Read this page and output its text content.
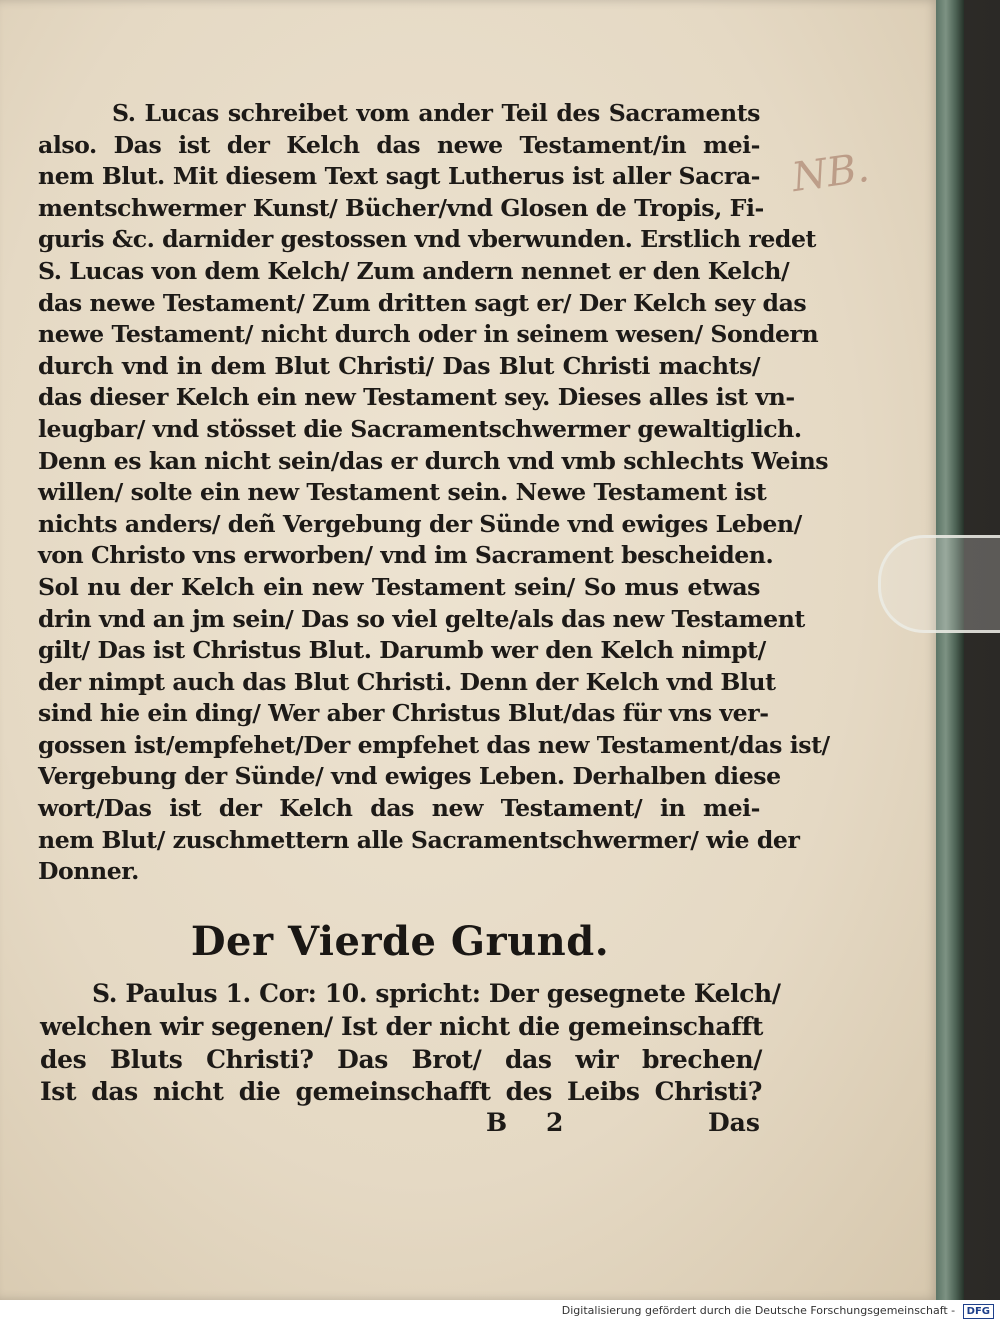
NB.
S. Lucas schreibet vom ander Teil des Sacraments
also. Das ist der Kelch das newe Testament/in mei-
nem Blut. Mit diesem Text sagt Lutherus ist aller Sacra-
mentschwermer Kunst/ Bücher/vnd Glosen de Tropis, Fi-
guris &c. darnider gestossen vnd vberwunden. Erstlich redet
S. Lucas von dem Kelch/ Zum andern nennet er den Kelch/
das newe Testament/ Zum dritten sagt er/ Der Kelch sey das
newe Testament/ nicht durch oder in seinem wesen/ Sondern
durch vnd in dem Blut Christi/ Das Blut Christi machts/
das dieser Kelch ein new Testament sey. Dieses alles ist vn-
leugbar/ vnd stösset die Sacramentschwermer gewaltiglich.
Denn es kan nicht sein/das er durch vnd vmb schlechts Weins
willen/ solte ein new Testament sein. Newe Testament ist
nichts anders/ deñ Vergebung der Sünde vnd ewiges Leben/
von Christo vns erworben/ vnd im Sacrament bescheiden.
Sol nu der Kelch ein new Testament sein/ So mus etwas
drin vnd an jm sein/ Das so viel gelte/als das new Testament
gilt/ Das ist Christus Blut. Darumb wer den Kelch nimpt/
der nimpt auch das Blut Christi. Denn der Kelch vnd Blut
sind hie ein ding/ Wer aber Christus Blut/das für vns ver-
gossen ist/empfehet/Der empfehet das new Testament/das ist/
Vergebung der Sünde/ vnd ewiges Leben. Derhalben diese
wort/Das ist der Kelch das new Testament/ in mei-
nem Blut/ zuschmettern alle Sacramentschwermer/ wie der
Donner.
Der Vierde Grund.
S. Paulus 1. Cor: 10. spricht: Der gesegnete Kelch/
welchen wir segenen/ Ist der nicht die gemeinschafft
des Bluts Christi? Das Brot/ das wir brechen/
Ist das nicht die gemeinschafft des Leibs Christi?
B 2	Das
Digitalisierung gefördert durch die Deutsche Forschungsgemeinschaft - DFG
